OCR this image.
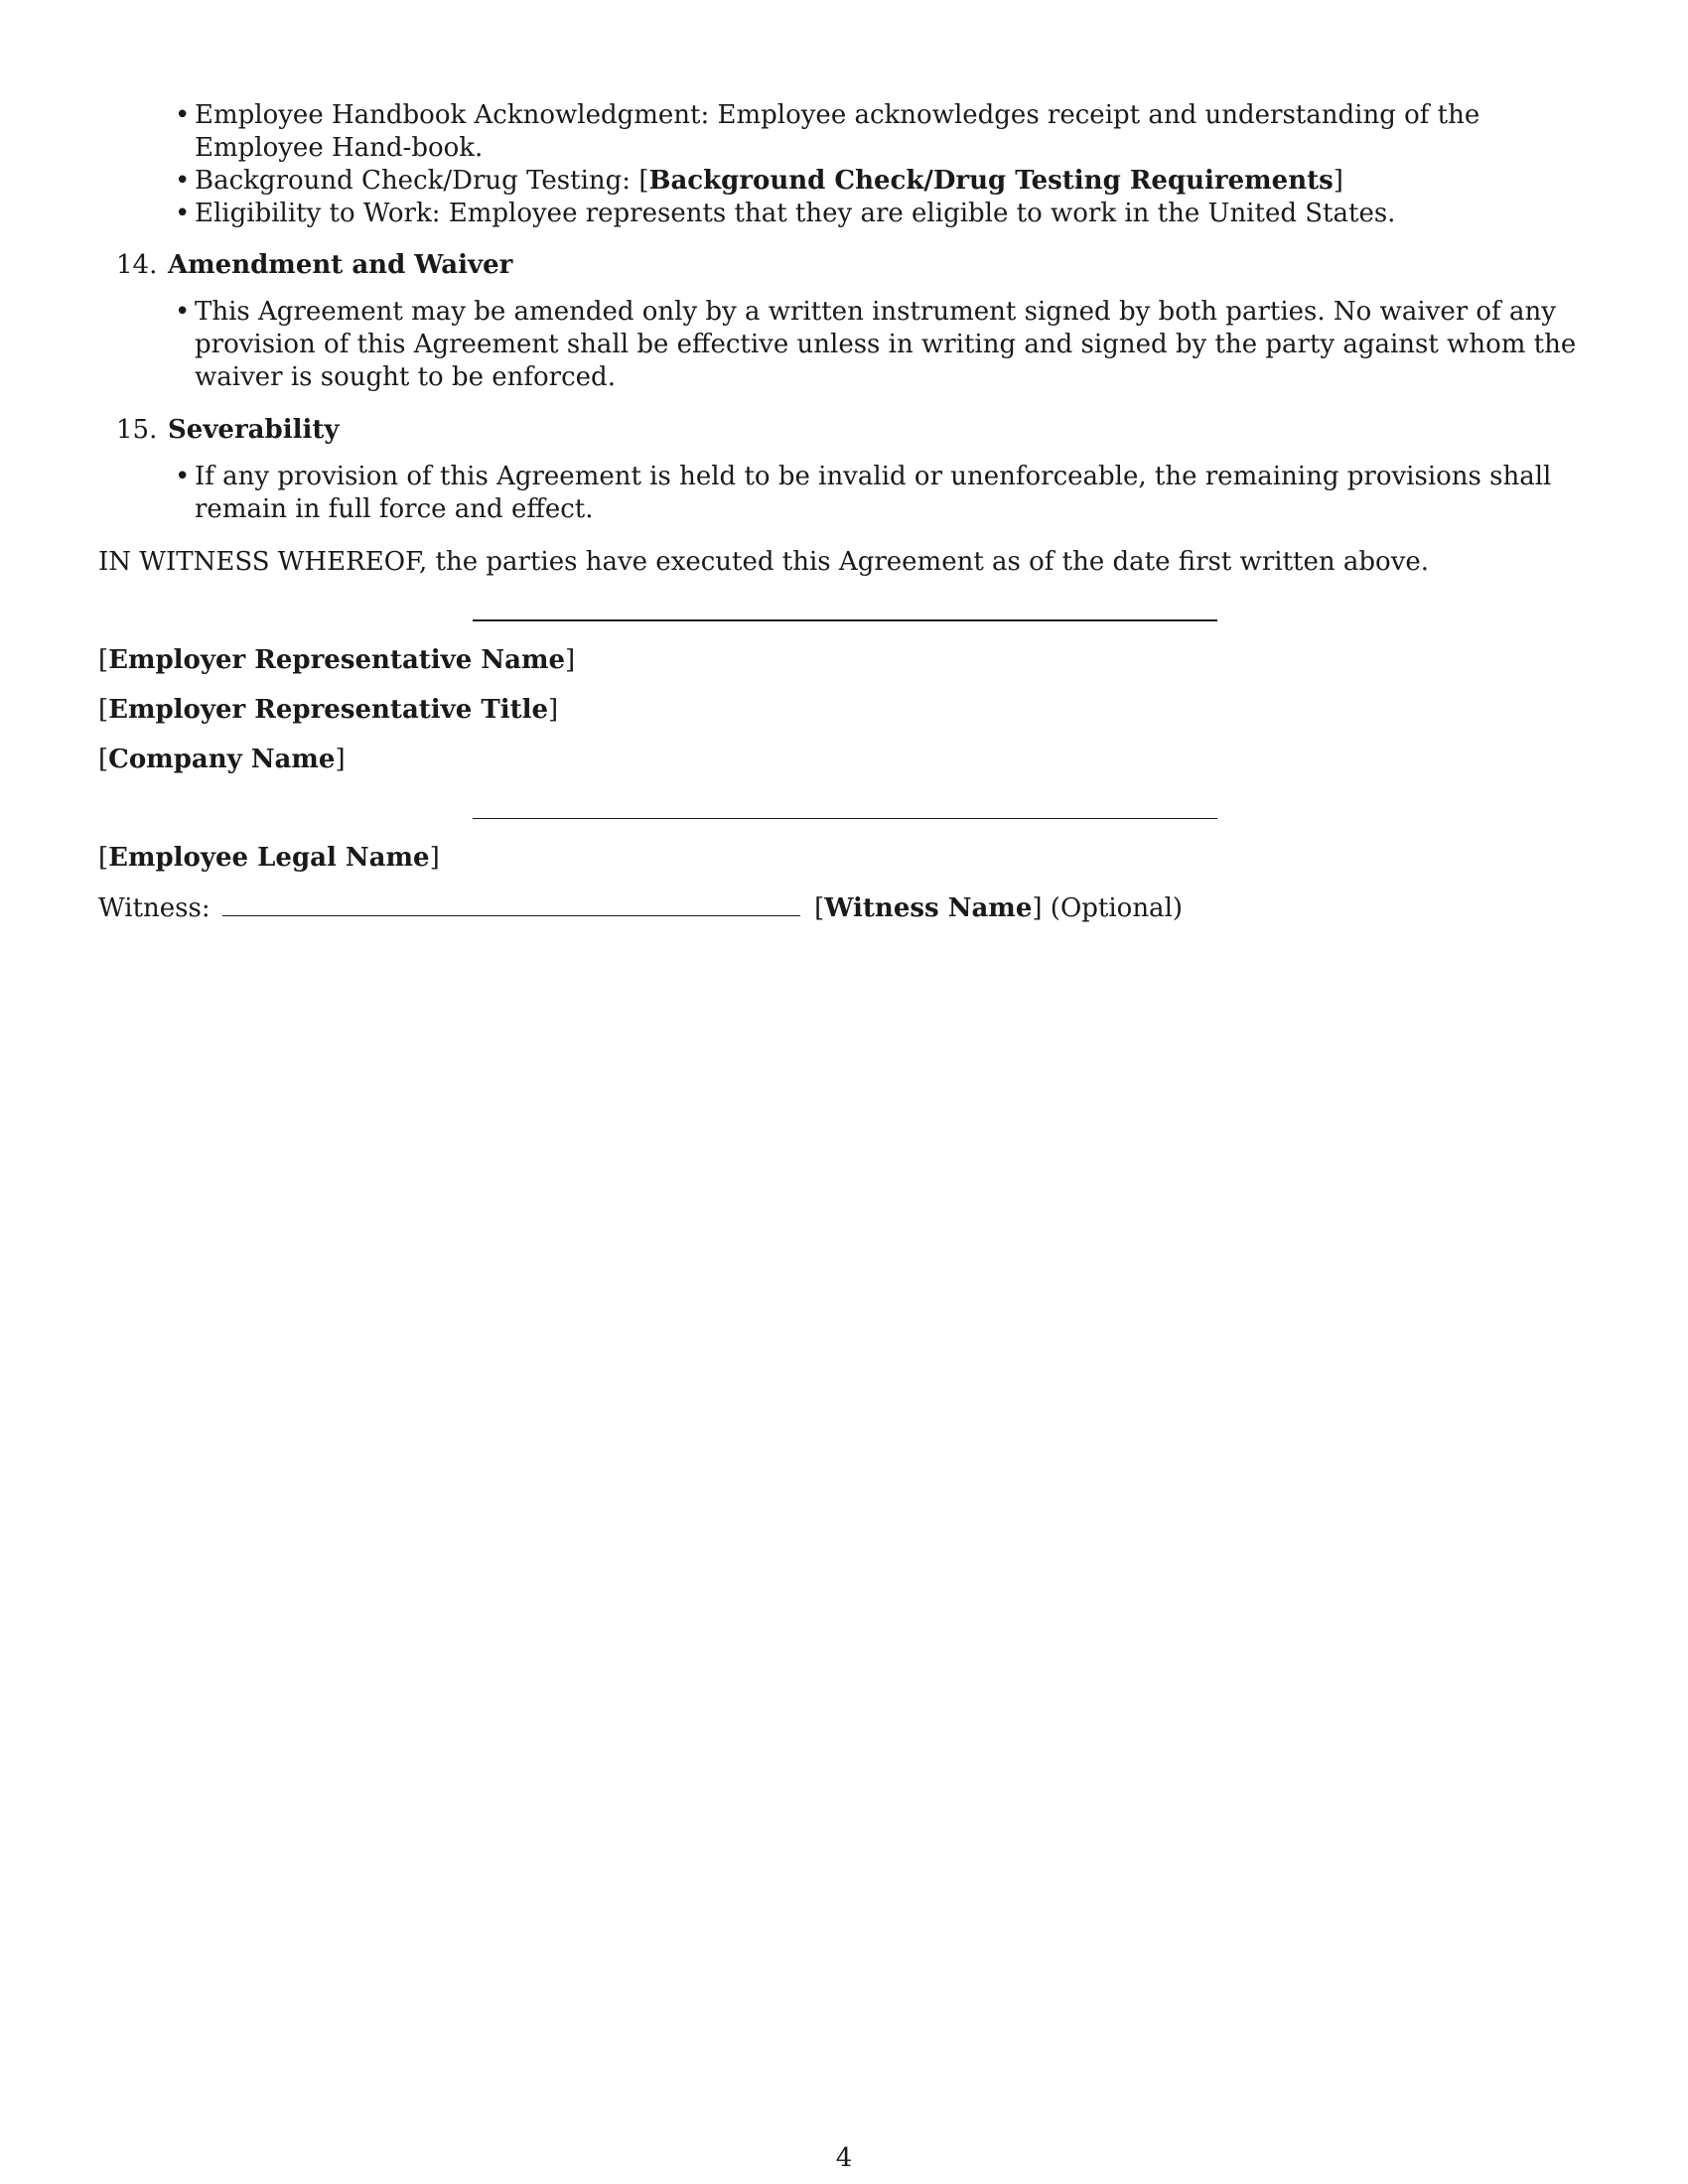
• Employee Handbook Acknowledgment: Employee acknowledges receipt and understanding of the Employee Hand-book.
• Background Check/Drug Testing: [Background Check/Drug Testing Requirements]
• Eligibility to Work: Employee represents that they are eligible to work in the United States.
14. Amendment and Waiver
• This Agreement may be amended only by a written instrument signed by both parties. No waiver of any provision of this Agreement shall be effective unless in writing and signed by the party against whom the waiver is sought to be enforced.
15. Severability
• If any provision of this Agreement is held to be invalid or unenforceable, the remaining provisions shall remain in full force and effect.
IN WITNESS WHEREOF, the parties have executed this Agreement as of the date first written above.
[Employer Representative Name]
[Employer Representative Title]
[Company Name]
[Employee Legal Name]
Witness:	[Witness Name] (Optional)
4
